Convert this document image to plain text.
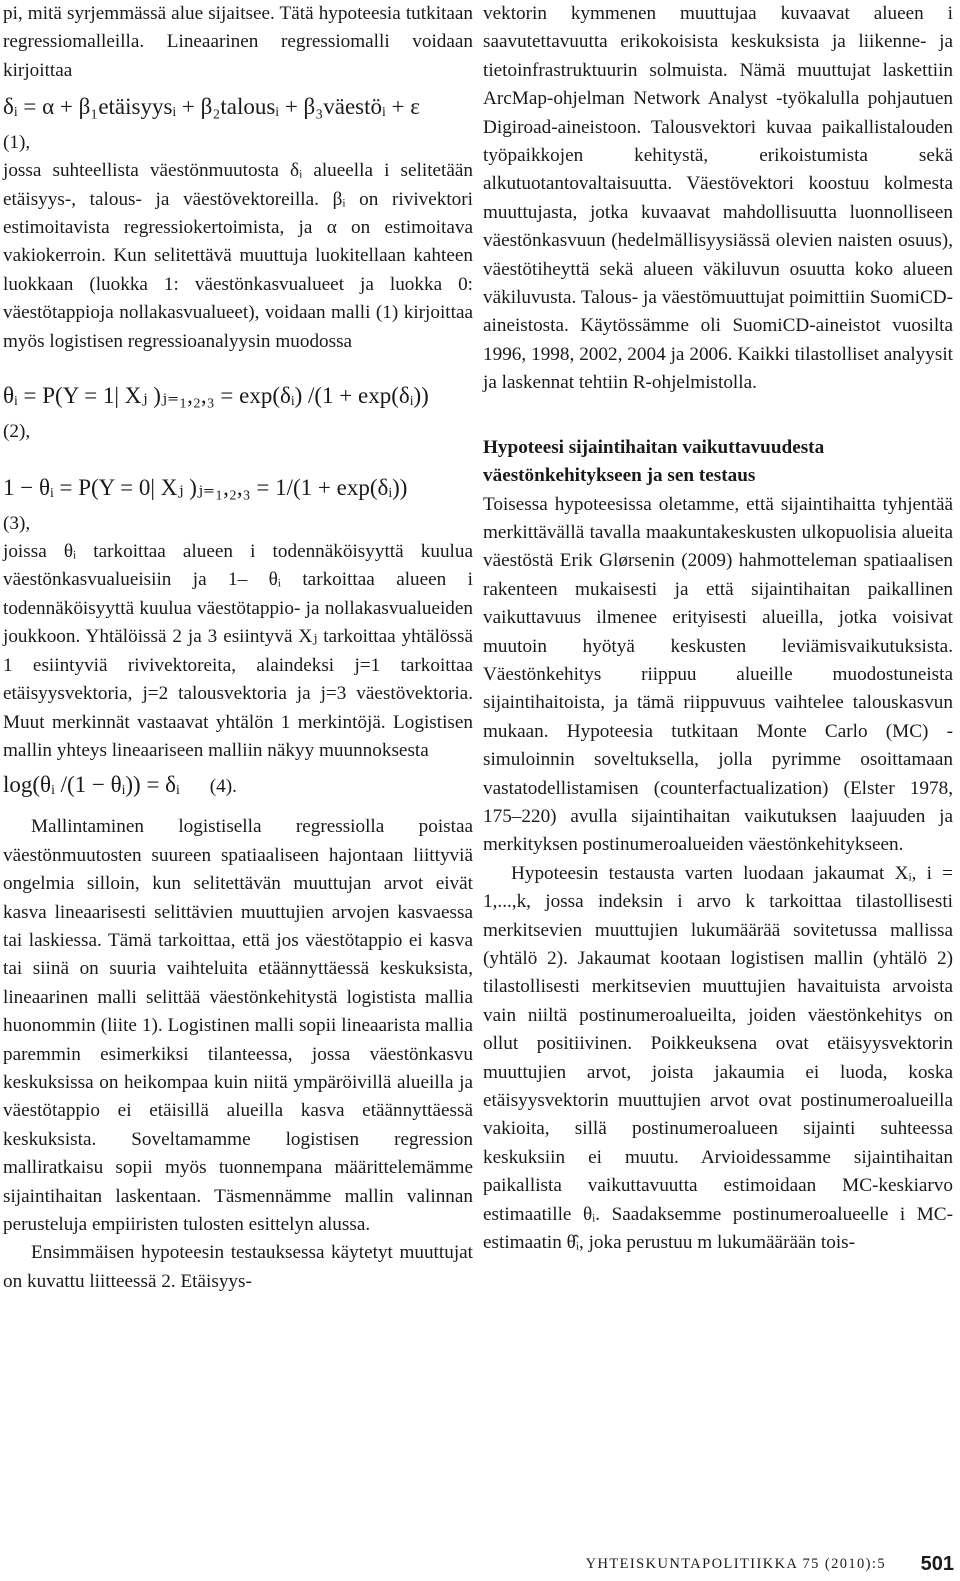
pi, mitä syrjemmässä alue sijaitsee. Tätä hypoteesia tutkitaan regressiomalleilla. Lineaarinen regressiomalli voidaan kirjoittaa

δᵢ = α + β₁etäisyysᵢ + β₂talousᵢ + β₃väestöᵢ + ε
(1),

jossa suhteellista väestönmuutosta δᵢ alueella i selitetään etäisyys-, talous- ja väestövektoreilla. βᵢ on rivivektori estimoitavista regressiokertoimista, ja α on estimoitava vakiokerroin. Kun selitettävä muuttuja luokitellaan kahteen luokkaan (luokka 1: väestönkasvualueet ja luokka 0: väestötappioja nollakasvualueet), voidaan malli (1) kirjoittaa myös logistisen regressioanalyysin muodossa

θᵢ = P(Y = 1| Xⱼ )ⱼ₌₁,₂,₃ = exp(δᵢ) /(1 + exp(δᵢ))
(2),
1 − θᵢ = P(Y = 0| Xⱼ )ⱼ₌₁,₂,₃ = 1/(1 + exp(δᵢ))
(3),

joissa θᵢ tarkoittaa alueen i todennäköisyyttä kuulua väestönkasvualueisiin ja 1– θᵢ tarkoittaa alueen i todennäköisyyttä kuulua väestötappio- ja nollakasvualueiden joukkoon. Yhtälöissä 2 ja 3 esiintyvä Xⱼ tarkoittaa yhtälössä 1 esiintyviä rivivektoreita, alaindeksi j=1 tarkoittaa etäisyysvektoria, j=2 talousvektoria ja j=3 väestövektoria. Muut merkinnät vastaavat yhtälön 1 merkintöjä. Logistisen mallin yhteys lineaariseen malliin näkyy muunnoksesta

log(θᵢ /(1 − θᵢ)) = δᵢ (4).

Mallintaminen logistisella regressiolla poistaa väestönmuutosten suureen spatiaaliseen hajontaan liittyviä ongelmia silloin, kun selitettävän muuttujan arvot eivät kasva lineaarisesti selittävien muuttujien arvojen kasvaessa tai laskiessa. Tämä tarkoittaa, että jos väestötappio ei kasva tai siinä on suuria vaihteluita etäännyttäessä keskuksista, lineaarinen malli selittää väestönkehitystä logistista mallia huonommin (liite 1). Logistinen malli sopii lineaarista mallia paremmin esimerkiksi tilanteessa, jossa väestönkasvu keskuksissa on heikompaa kuin niitä ympäröivillä alueilla ja väestötappio ei etäisillä alueilla kasva etäännyttäessä keskuksista. Soveltamamme logistisen regression malliratkaisu sopii myös tuonnempana määrittelemämme sijaintihaitan laskentaan. Täsmennämme mallin valinnan perusteluja empiiristen tulosten esittelyn alussa.

Ensimmäisen hypoteesin testauksessa käytetyt muuttujat on kuvattu liitteessä 2. Etäisyys-

vektorin kymmenen muuttujaa kuvaavat alueen i saavutettavuutta erikokoisista keskuksista ja liikenne- ja tietoinfrastruktuurin solmuista. Nämä muuttujat laskettiin ArcMap-ohjelman Network Analyst -työkalulla pohjautuen Digiroad-aineistoon. Talousvektori kuvaa paikallistalouden työpaikkojen kehitystä, erikoistumista sekä alkutuotantovaltaisuutta. Väestövektori koostuu kolmesta muuttujasta, jotka kuvaavat mahdollisuutta luonnolliseen väestönkasvuun (hedelmällisyysiässä olevien naisten osuus), väestötiheyttä sekä alueen väkiluvun osuutta koko alueen väkiluvusta. Talous- ja väestömuuttujat poimittiin SuomiCD-aineistosta. Käytössämme oli SuomiCD-aineistot vuosilta 1996, 1998, 2002, 2004 ja 2006. Kaikki tilastolliset analyysit ja laskennat tehtiin R-ohjelmistolla.

Hypoteesi sijaintihaitan vaikuttavuudesta väestönkehitykseen ja sen testaus

Toisessa hypoteesissa oletamme, että sijaintihaitta tyhjentää merkittävällä tavalla maakuntakeskusten ulkopuolisia alueita väestöstä Erik Glørsenin (2009) hahmotteleman spatiaalisen rakenteen mukaisesti ja että sijaintihaitan paikallinen vaikuttavuus ilmenee erityisesti alueilla, jotka voisivat muutoin hyötyä keskusten leviämisvaikutuksista. Väestönkehitys riippuu alueille muodostuneista sijaintihaitoista, ja tämä riippuvuus vaihtelee talouskasvun mukaan. Hypoteesia tutkitaan Monte Carlo (MC) -simuloinnin soveltuksella, jolla pyrimme osoittamaan vastatodellistamisen (counterfactualization) (Elster 1978, 175–220) avulla sijaintihaitan vaikutuksen laajuuden ja merkityksen postinumeroalueiden väestönkehitykseen.

Hypoteesin testausta varten luodaan jakaumat Xᵢ, i = 1,...,k, jossa indeksin i arvo k tarkoittaa tilastollisesti merkitsevien muuttujien lukumäärää sovitetussa mallissa (yhtälö 2). Jakaumat kootaan logistisen mallin (yhtälö 2) tilastollisesti merkitsevien muuttujien havaituista arvoista vain niiltä postinumeroalueilta, joiden väestönkehitys on ollut positiivinen. Poikkeuksena ovat etäisyysvektorin muuttujien arvot, joista jakaumia ei luoda, koska etäisyysvektorin muuttujien arvot ovat postinumeroalueilla vakioita, sillä postinumeroalueen sijainti suhteessa keskuksiin ei muutu. Arvioidessamme sijaintihaitan paikallista vaikuttavuutta estimoidaan MC-keskiarvo estimaatille θᵢ. Saadaksemme postinumeroalueelle i MC-estimaatin θ̂ᵢ, joka perustuu m lukumäärään tois-

YHTEISKUNTAPOLITIIKKA 75 (2010):5 501
